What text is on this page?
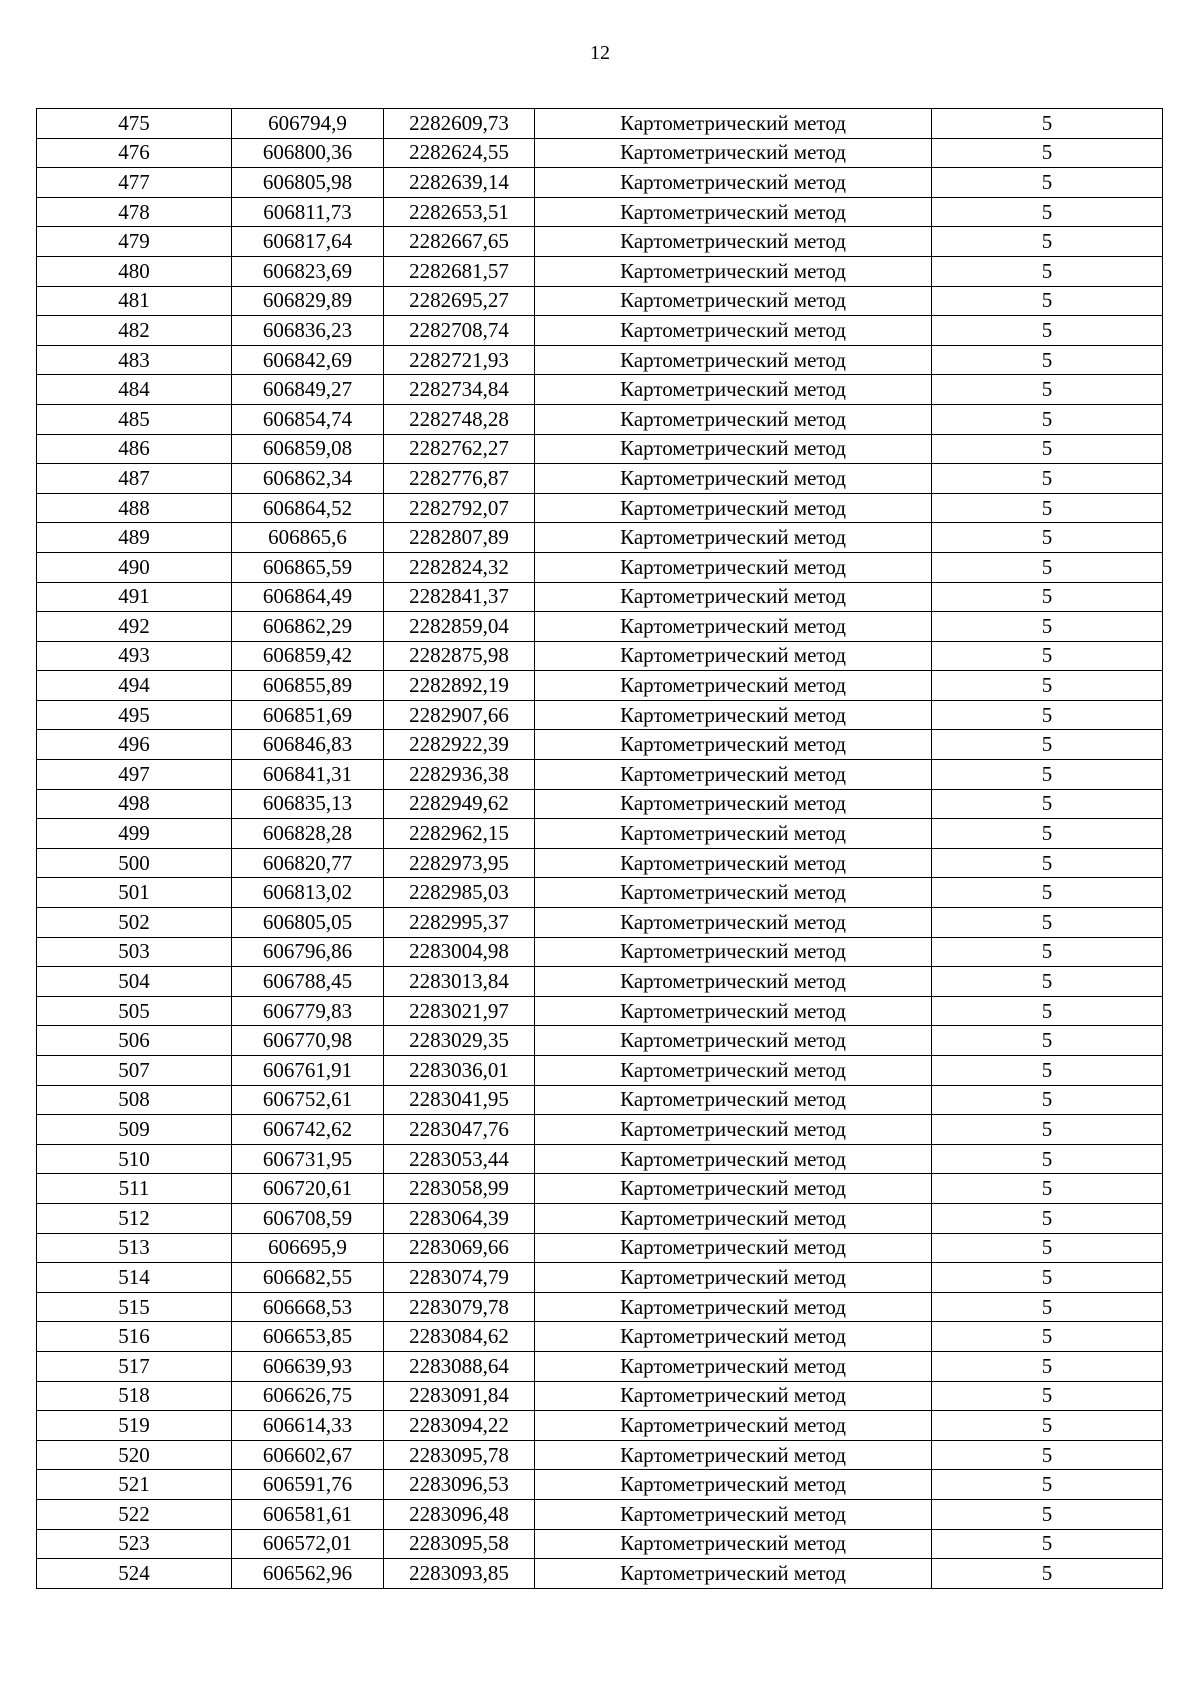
12
475	606794,9	2282609,73	Картометрический метод	5
476	606800,36	2282624,55	Картометрический метод	5
477	606805,98	2282639,14	Картометрический метод	5
478	606811,73	2282653,51	Картометрический метод	5
479	606817,64	2282667,65	Картометрический метод	5
480	606823,69	2282681,57	Картометрический метод	5
481	606829,89	2282695,27	Картометрический метод	5
482	606836,23	2282708,74	Картометрический метод	5
483	606842,69	2282721,93	Картометрический метод	5
484	606849,27	2282734,84	Картометрический метод	5
485	606854,74	2282748,28	Картометрический метод	5
486	606859,08	2282762,27	Картометрический метод	5
487	606862,34	2282776,87	Картометрический метод	5
488	606864,52	2282792,07	Картометрический метод	5
489	606865,6	2282807,89	Картометрический метод	5
490	606865,59	2282824,32	Картометрический метод	5
491	606864,49	2282841,37	Картометрический метод	5
492	606862,29	2282859,04	Картометрический метод	5
493	606859,42	2282875,98	Картометрический метод	5
494	606855,89	2282892,19	Картометрический метод	5
495	606851,69	2282907,66	Картометрический метод	5
496	606846,83	2282922,39	Картометрический метод	5
497	606841,31	2282936,38	Картометрический метод	5
498	606835,13	2282949,62	Картометрический метод	5
499	606828,28	2282962,15	Картометрический метод	5
500	606820,77	2282973,95	Картометрический метод	5
501	606813,02	2282985,03	Картометрический метод	5
502	606805,05	2282995,37	Картометрический метод	5
503	606796,86	2283004,98	Картометрический метод	5
504	606788,45	2283013,84	Картометрический метод	5
505	606779,83	2283021,97	Картометрический метод	5
506	606770,98	2283029,35	Картометрический метод	5
507	606761,91	2283036,01	Картометрический метод	5
508	606752,61	2283041,95	Картометрический метод	5
509	606742,62	2283047,76	Картометрический метод	5
510	606731,95	2283053,44	Картометрический метод	5
511	606720,61	2283058,99	Картометрический метод	5
512	606708,59	2283064,39	Картометрический метод	5
513	606695,9	2283069,66	Картометрический метод	5
514	606682,55	2283074,79	Картометрический метод	5
515	606668,53	2283079,78	Картометрический метод	5
516	606653,85	2283084,62	Картометрический метод	5
517	606639,93	2283088,64	Картометрический метод	5
518	606626,75	2283091,84	Картометрический метод	5
519	606614,33	2283094,22	Картометрический метод	5
520	606602,67	2283095,78	Картометрический метод	5
521	606591,76	2283096,53	Картометрический метод	5
522	606581,61	2283096,48	Картометрический метод	5
523	606572,01	2283095,58	Картометрический метод	5
524	606562,96	2283093,85	Картометрический метод	5
